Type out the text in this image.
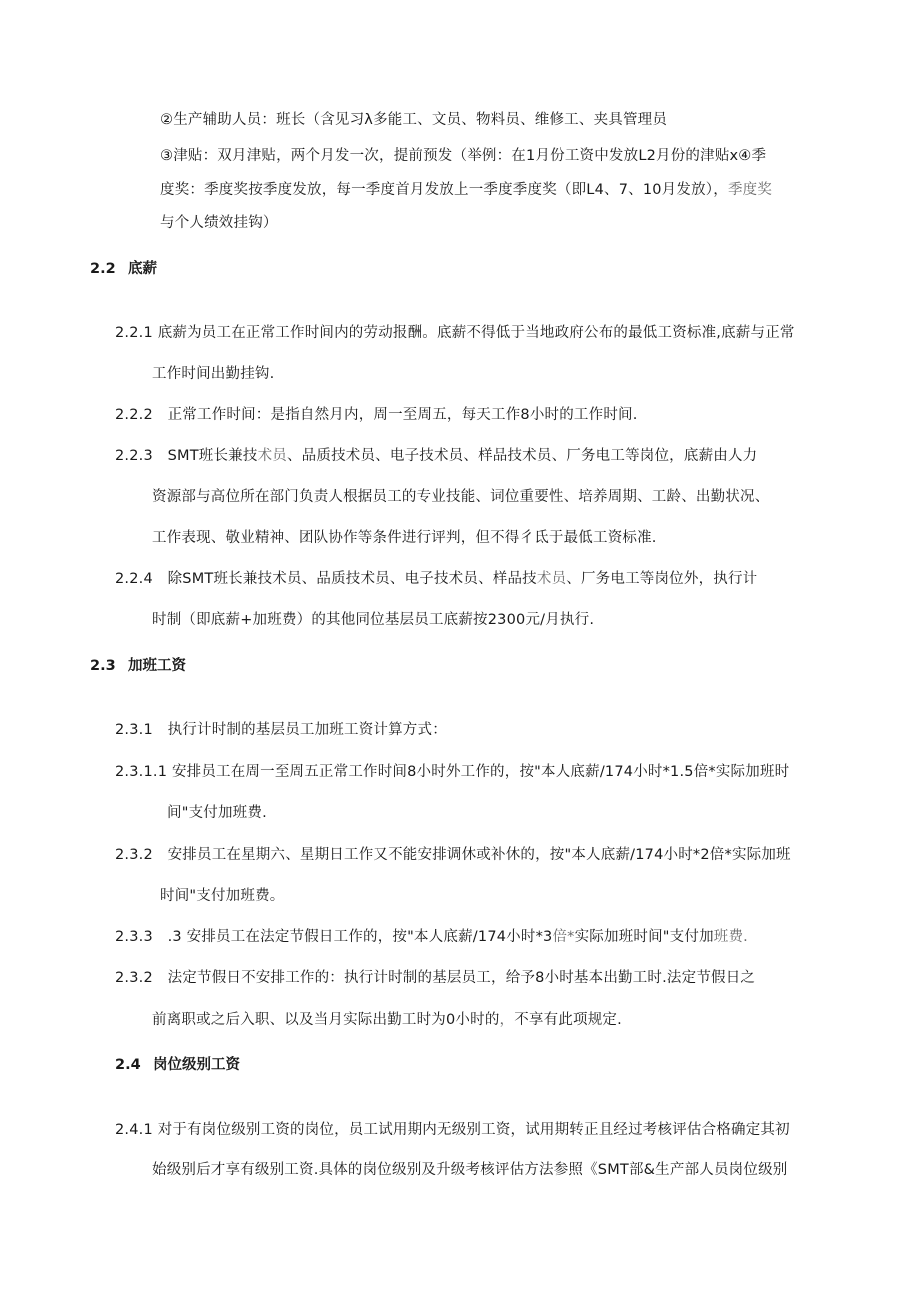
②生产辅助人员：班长（含见习λ多能工、文员、物料员、维修工、夹具管理员
③津贴：双月津贴，两个月发一次，提前预发（举例：在1月份工资中发放L2月份的津贴x④季
度奖：季度奖按季度发放，每一季度首月发放上一季度季度奖（即L4、7、10月发放），季度奖
与个人绩效挂钩）
2.2 底薪
2.2.1 底薪为员工在正常工作时间内的劳动报酬。底薪不得低于当地政府公布的最低工资标准,底薪与正常
工作时间出勤挂钩.
2.2.2　正常工作时间：是指自然月内，周一至周五，每天工作8小时的工作时间.
2.2.3　SMT班长兼技术员、品质技术员、电子技术员、样品技术员、厂务电工等岗位，底薪由人力
资源部与高位所在部门负责人根据员工的专业技能、词位重要性、培养周期、工龄、出勤状况、
工作表现、敬业精神、团队协作等条件进行评判，但不得彳氐于最低工资标准.
2.2.4　除SMT班长兼技术员、品质技术员、电子技术员、样品技术员、厂务电工等岗位外，执行计
时制（即底薪+加班费）的其他同位基层员工底薪按2300元/月执行.
2.3 加班工资
2.3.1　执行计时制的基层员工加班工资计算方式：
2.3.1.1 安排员工在周一至周五正常工作时间8小时外工作的，按"本人底薪/174小时*1.5倍*实际加班时
间"支付加班费.
2.3.2　安排员工在星期六、星期日工作又不能安排调休或补休的，按"本人底薪/174小时*2倍*实际加班
时间"支付加班费。
2.3.3　.3 安排员工在法定节假日工作的，按"本人底薪/174小时*3倍*实际加班时间"支付加班费.
2.3.2　法定节假日不安排工作的：执行计时制的基层员工，给予8小时基本出勤工时.法定节假日之
前离职或之后入职、以及当月实际出勤工时为0小时的，不享有此项规定.
2.4 岗位级别工资
2.4.1 对于有岗位级别工资的岗位，员工试用期内无级别工资，试用期转正且经过考核评估合格确定其初
始级别后才享有级别工资.具体的岗位级别及升级考核评估方法参照《SMT部&生产部人员岗位级别
